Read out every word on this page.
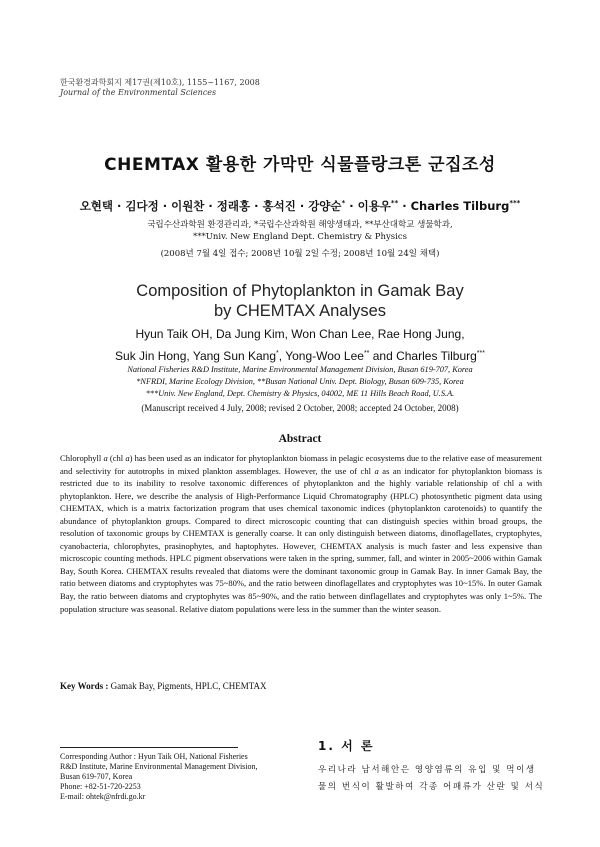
한국환경과학회지 제17권(제10호), 1155~1167, 2008
Journal of the Environmental Sciences
CHEMTAX 활용한 가막만 식물플랑크톤 군집조성
오현택 · 김다정 · 이원찬 · 정래홍 · 홍석진 · 강양순* · 이용우** · Charles Tilburg***
국립수산과학원 환경관리과, *국립수산과학원 해양생태과, **부산대학교 생물학과,
***Univ. New England Dept. Chemistry & Physics
(2008년 7월 4일 접수; 2008년 10월 2일 수정; 2008년 10월 24일 채택)
Composition of Phytoplankton in Gamak Bay
by CHEMTAX Analyses
Hyun Taik OH, Da Jung Kim, Won Chan Lee, Rae Hong Jung,
Suk Jin Hong, Yang Sun Kang*, Yong-Woo Lee** and Charles Tilburg***
National Fisheries R&D Institute, Marine Environmental Management Division, Busan 619-707, Korea
*NFRDI, Marine Ecology Division, **Busan National Univ. Dept. Biology, Busan 609-735, Korea
***Univ. New England, Dept. Chemistry & Physics, 04002, ME 11 Hills Beach Road, U.S.A.
(Manuscript received 4 July, 2008; revised 2 October, 2008; accepted 24 October, 2008)
Abstract

Chlorophyll a (chl a) has been used as an indicator for phytoplankton biomass in pelagic ecosystems due to the relative ease of measurement and selectivity for autotrophs in mixed plankton assemblages. However, the use of chl a as an indicator for phytoplankton biomass is restricted due to its inability to resolve taxonomic differences of phytoplankton and the highly variable relationship of chl a with phytoplankton. Here, we describe the analysis of High-Performance Liquid Chromatography (HPLC) photosynthetic pigment data using CHEMTAX, which is a matrix factorization program that uses chemical taxonomic indices (phytoplankton carotenoids) to quantify the abundance of phytoplankton groups. Compared to direct microscopic counting that can distinguish species within broad groups, the resolution of taxonomic groups by CHEMTAX is generally coarse. It can only distinguish between diatoms, dinoflagellates, cryptophytes, cyanobacteria, chlorophytes, prasinophytes, and haptophytes. However, CHEMTAX analysis is much faster and less expensive than microscopic counting methods. HPLC pigment observations were taken in the spring, summer, fall, and winter in 2005~2006 within Gamak Bay, South Korea. CHEMTAX results revealed that diatoms were the dominant taxonomic group in Gamak Bay. In inner Gamak Bay, the ratio between diatoms and cryptophytes was 75~80%, and the ratio between dinoflagellates and cryptophytes was 10~15%. In outer Gamak Bay, the ratio between diatoms and cryptophytes was 85~90%, and the ratio between dinflagellates and cryptophytes was only 1~5%. The population structure was seasonal. Relative diatom populations were less in the summer than the winter season.

Key Words : Gamak Bay, Pigments, HPLC, CHEMTAX
Corresponding Author : Hyun Taik OH, National Fisheries
R&D Institute, Marine Environmental Management Division,
Busan 619-707, Korea
Phone: +82-51-720-2253
E-mail: ohtek@nfrdi.go.kr
1. 서 론
우리나라 남서해안은 영양염류의 유입 및 먹이생
물의 번식이 활발하여 각종 어패류가 산란 및 서식
